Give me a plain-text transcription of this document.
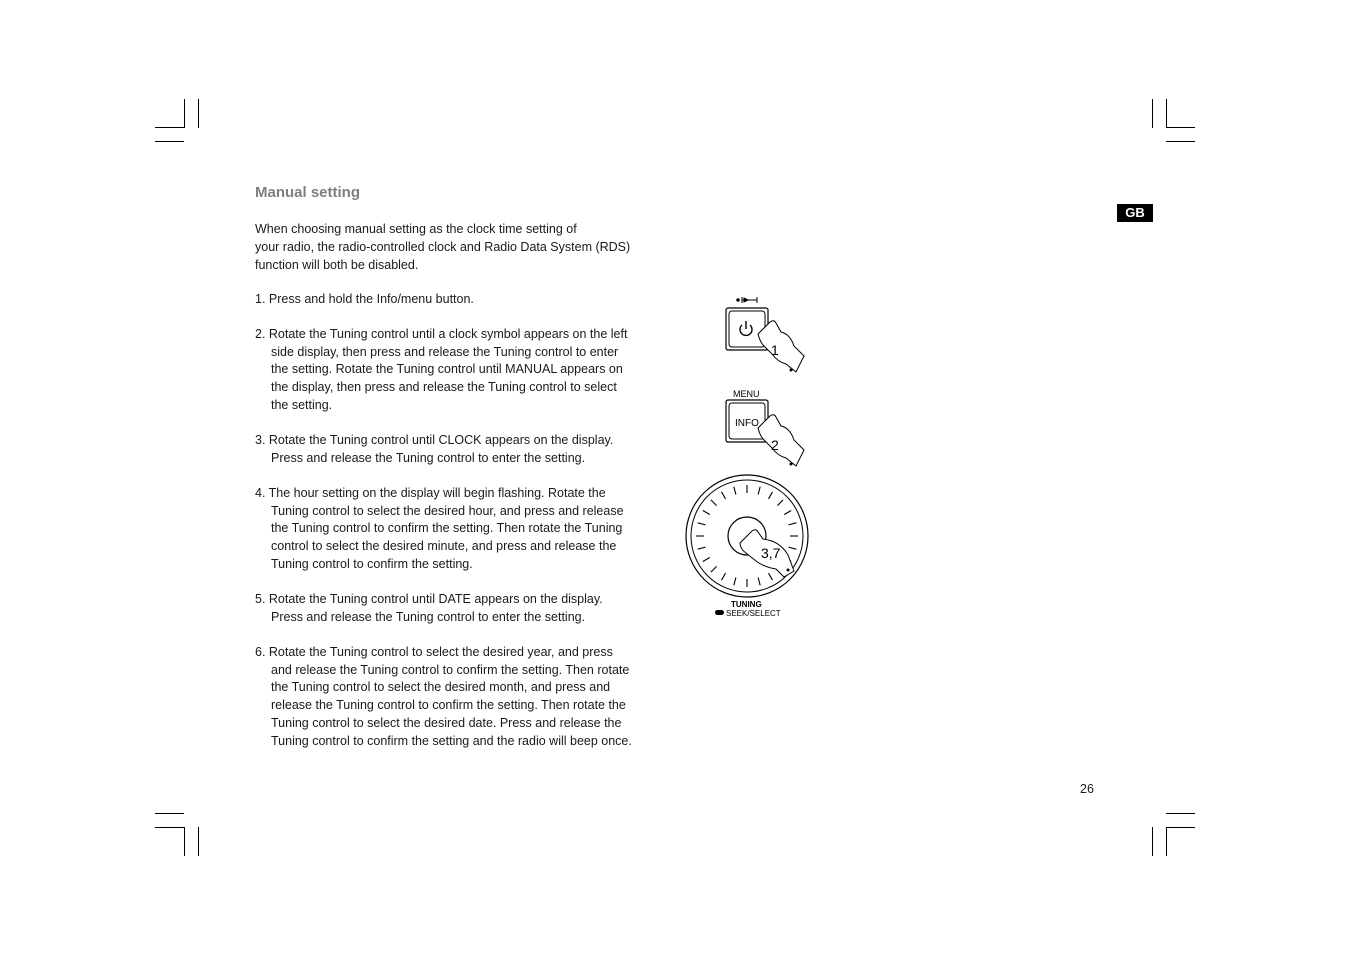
GB
Manual setting
When choosing manual setting as the clock time setting of
your radio, the radio-controlled clock and Radio Data System (RDS)
function will both be disabled.
1. Press and hold the Info/menu button.
2. Rotate the Tuning control until a clock symbol appears on the left
side display, then press and release the Tuning control to enter
the setting. Rotate the Tuning control until MANUAL appears on
the display, then press and release the Tuning control to select
the setting.
3. Rotate the Tuning control until CLOCK appears on the display.
Press and release the Tuning control to enter the setting.
4. The hour setting on the display will begin flashing. Rotate the
Tuning control to select the desired hour, and press and release
the Tuning control to confirm the setting. Then rotate the Tuning
control to select the desired minute, and press and release the
Tuning control to confirm the setting.
5. Rotate the Tuning control until DATE appears on the display.
Press and release the Tuning control to enter the setting.
6. Rotate the Tuning control to select the desired year, and press
and release the Tuning control to confirm the setting. Then rotate
the Tuning control to select the desired month, and press and
release the Tuning control to confirm the setting. Then rotate the
Tuning control to select the desired date. Press and release the
Tuning control to confirm the setting and the radio will beep once.
1
MENU
INFO
2
3,7
TUNING
SEEK/SELECT
26
